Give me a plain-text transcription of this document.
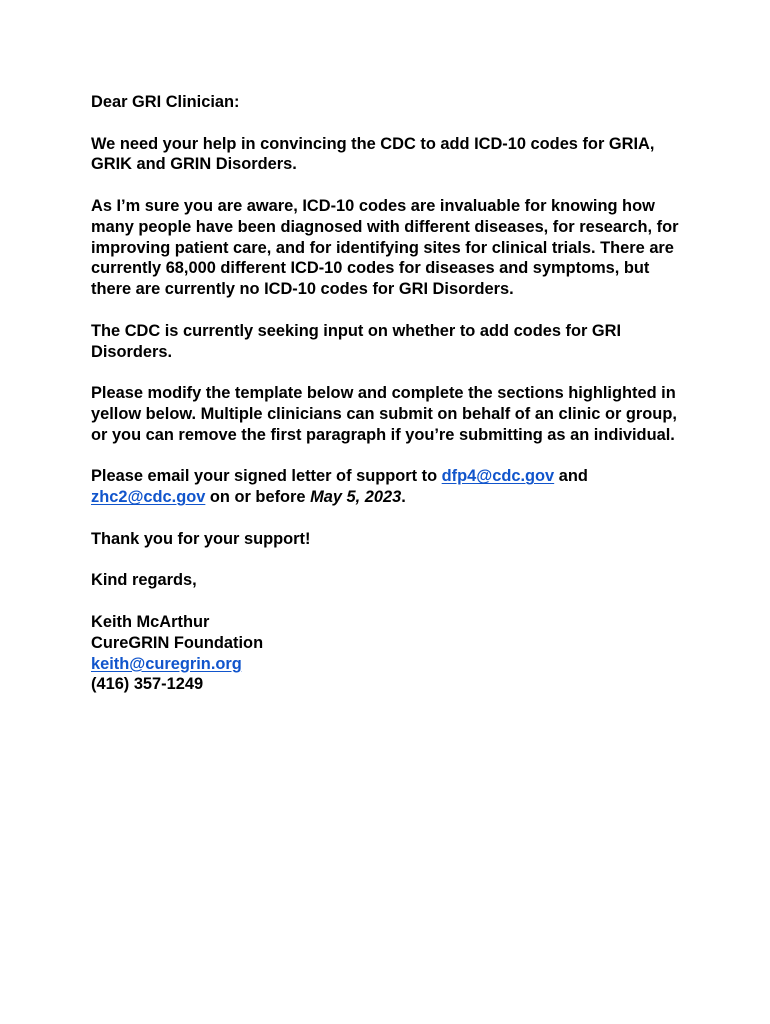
Dear GRI Clinician:

We need your help in convincing the CDC to add ICD-10 codes for GRIA, GRIK and GRIN Disorders.

As I’m sure you are aware, ICD-10 codes are invaluable for knowing how many people have been diagnosed with different diseases, for research, for improving patient care, and for identifying sites for clinical trials. There are currently 68,000 different ICD-10 codes for diseases and symptoms, but there are currently no ICD-10 codes for GRI Disorders.

The CDC is currently seeking input on whether to add codes for GRI Disorders.

Please modify the template below and complete the sections highlighted in yellow below. Multiple clinicians can submit on behalf of an clinic or group, or you can remove the first paragraph if you’re submitting as an individual.

Please email your signed letter of support to dfp4@cdc.gov and zhc2@cdc.gov on or before May 5, 2023.

Thank you for your support!

Kind regards,

Keith McArthur
CureGRIN Foundation
keith@curegrin.org
(416) 357-1249
